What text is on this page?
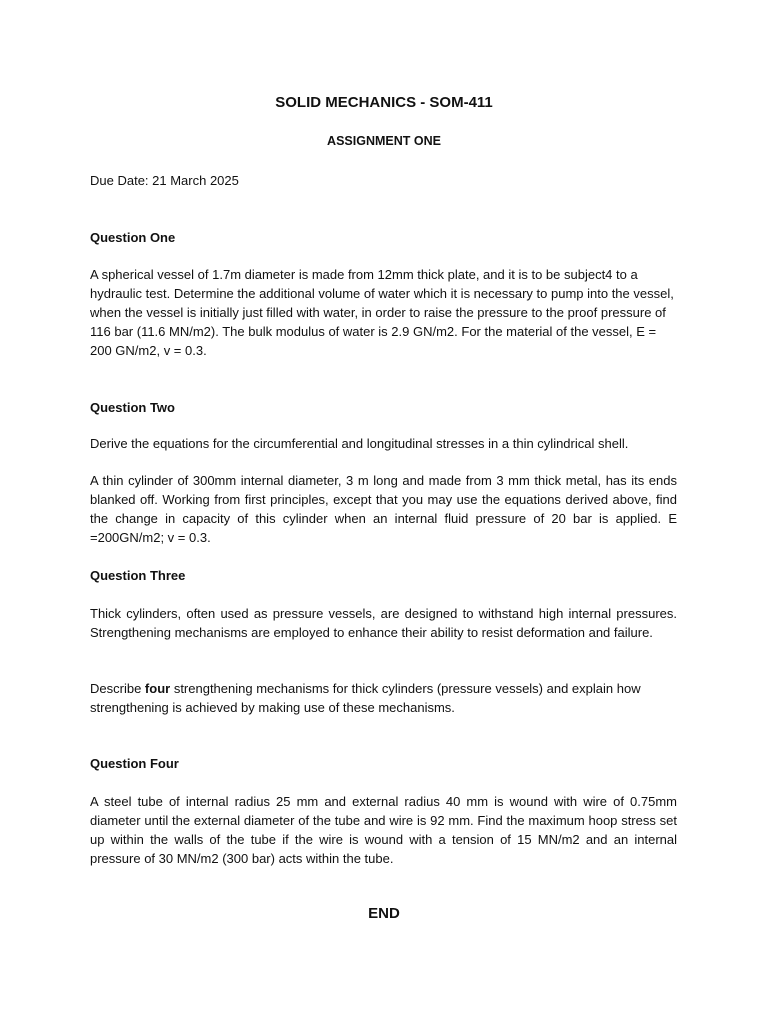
SOLID MECHANICS - SOM-411
ASSIGNMENT ONE
Due Date: 21 March 2025
Question One
A spherical vessel of 1.7m diameter is made from 12mm thick plate, and it is to be subject4 to a hydraulic test. Determine the additional volume of water which it is necessary to pump into the vessel, when the vessel is initially just filled with water, in order to raise the pressure to the proof pressure of 116 bar (11.6 MN/m2). The bulk modulus of water is 2.9 GN/m2. For the material of the vessel, E = 200 GN/m2, v = 0.3.
Question Two
Derive the equations for the circumferential and longitudinal stresses in a thin cylindrical shell.
A thin cylinder of 300mm internal diameter, 3 m long and made from 3 mm thick metal, has its ends blanked off. Working from first principles, except that you may use the equations derived above, find the change in capacity of this cylinder when an internal fluid pressure of 20 bar is applied. E =200GN/m2; v = 0.3.
Question Three
Thick cylinders, often used as pressure vessels, are designed to withstand high internal pressures. Strengthening mechanisms are employed to enhance their ability to resist deformation and failure.
Describe four strengthening mechanisms for thick cylinders (pressure vessels) and explain how strengthening is achieved by making use of these mechanisms.
Question Four
A steel tube of internal radius 25 mm and external radius 40 mm is wound with wire of 0.75mm diameter until the external diameter of the tube and wire is 92 mm. Find the maximum hoop stress set up within the walls of the tube if the wire is wound with a tension of 15 MN/m2 and an internal pressure of 30 MN/m2 (300 bar) acts within the tube.
END
